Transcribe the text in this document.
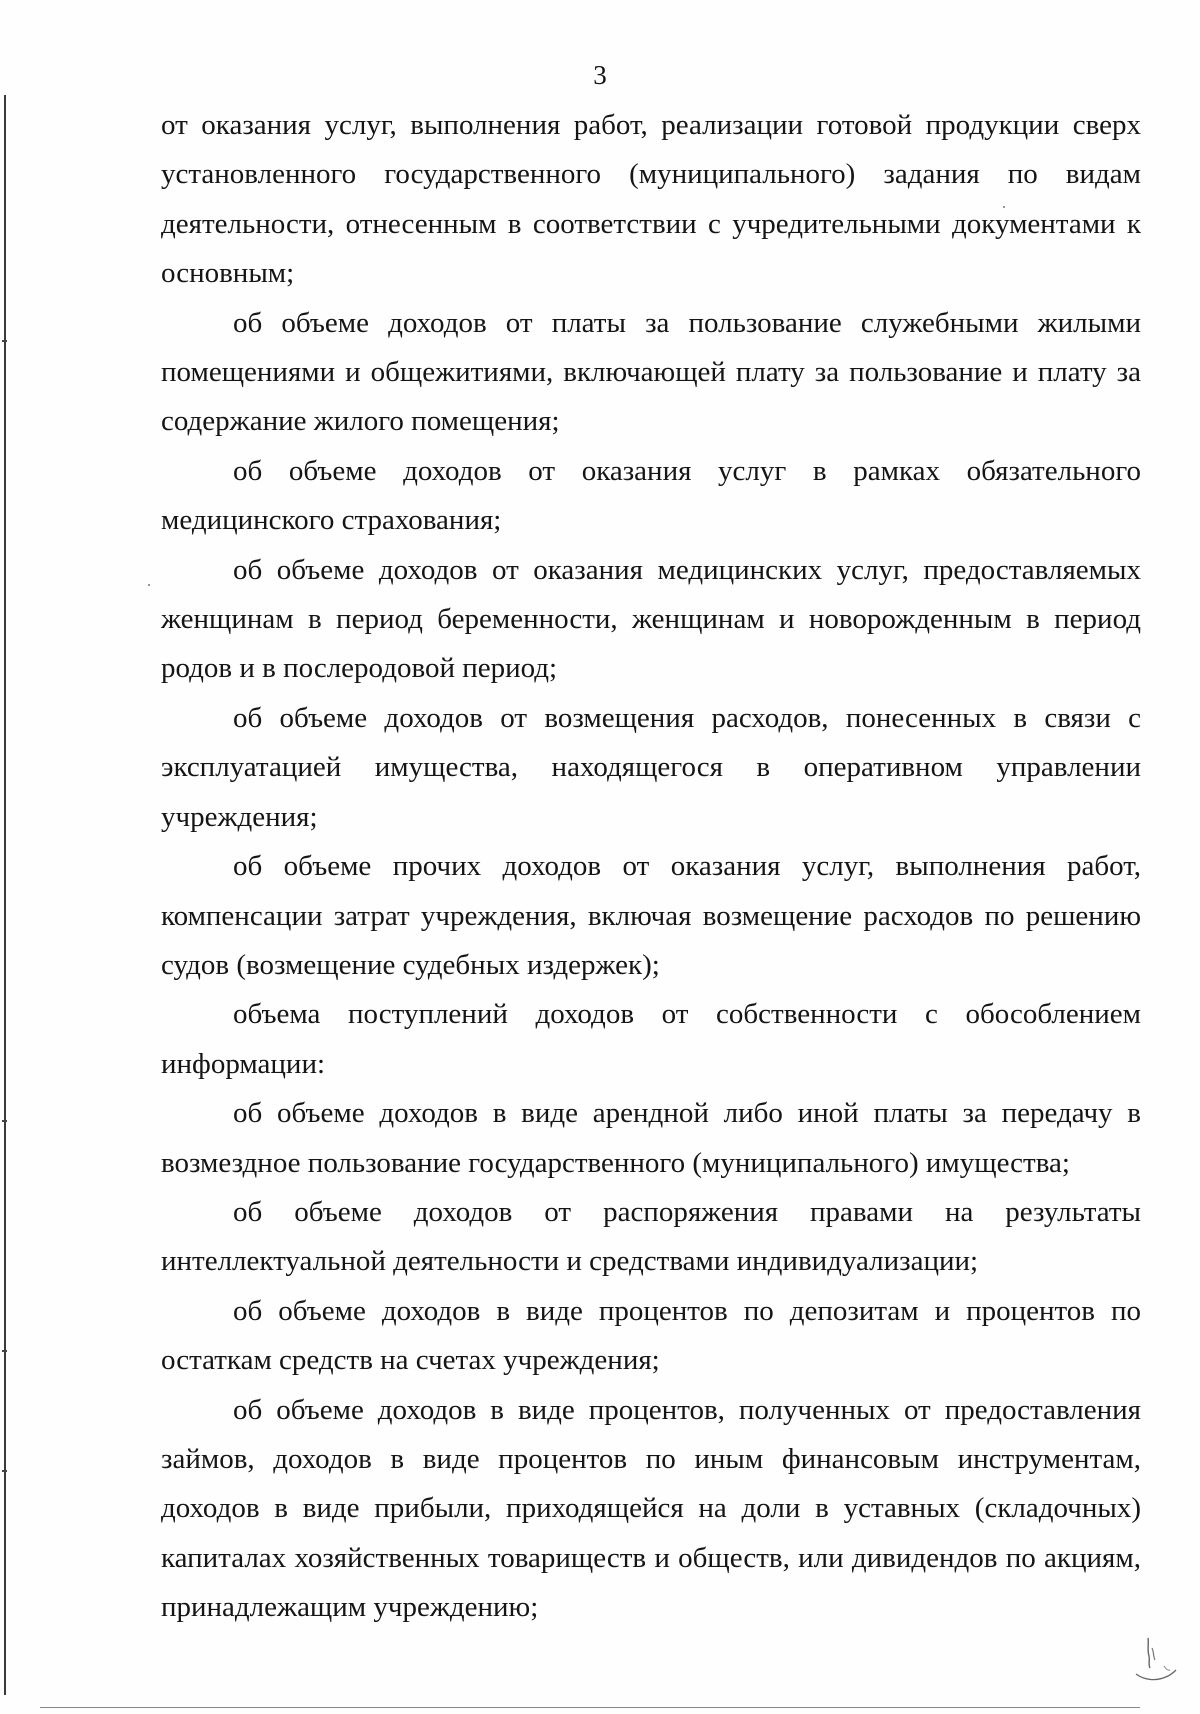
3

от оказания услуг, выполнения работ, реализации готовой продукции сверх установленного государственного (муниципального) задания по видам деятельности, отнесенным в соответствии с учредительными документами к основным;

об объеме доходов от платы за пользование служебными жилыми помещениями и общежитиями, включающей плату за пользование и плату за содержание жилого помещения;

об объеме доходов от оказания услуг в рамках обязательного медицинского страхования;

об объеме доходов от оказания медицинских услуг, предоставляемых женщинам в период беременности, женщинам и новорожденным в период родов и в послеродовой период;

об объеме доходов от возмещения расходов, понесенных в связи с эксплуатацией имущества, находящегося в оперативном управлении учреждения;

об объеме прочих доходов от оказания услуг, выполнения работ, компенсации затрат учреждения, включая возмещение расходов по решению судов (возмещение судебных издержек);

объема поступлений доходов от собственности с обособлением информации:

об объеме доходов в виде арендной либо иной платы за передачу в возмездное пользование государственного (муниципального) имущества;

об объеме доходов от распоряжения правами на результаты интеллектуальной деятельности и средствами индивидуализации;

об объеме доходов в виде процентов по депозитам и процентов по остаткам средств на счетах учреждения;

об объеме доходов в виде процентов, полученных от предоставления займов, доходов в виде процентов по иным финансовым инструментам, доходов в виде прибыли, приходящейся на доли в уставных (складочных) капиталах хозяйственных товариществ и обществ, или дивидендов по акциям, принадлежащим учреждению;
